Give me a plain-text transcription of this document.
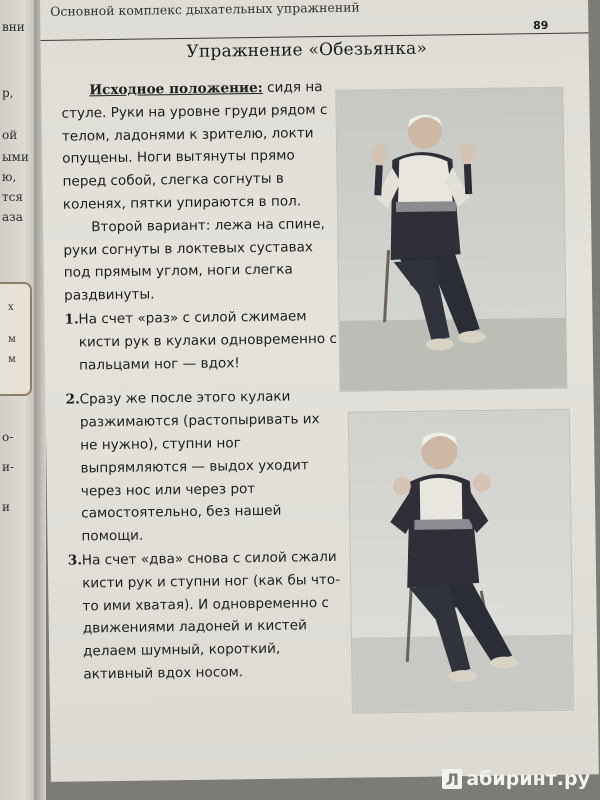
вни
р,
ой
ыми
ю,
тся
аза
х
м
м
о-
и-
и
Основной комплекс дыхательных упражнений
89
Упражнение «Обезьянка»

Исходное положение: сидя на стуле. Руки на уровне груди рядом с телом, ладонями к зрителю, локти опущены. Ноги вытянуты прямо перед собой, слегка согнуты в коленях, пятки упираются в пол.

Второй вариант: лежа на спине, руки согнуты в локтевых суставах под прямым углом, ноги слегка раздвинуты.

1. На счет «раз» с силой сжимаем кисти рук в кулаки одновременно с пальцами ног — вдох!
2. Сразу же после этого кулаки разжимаются (растопыривать их не нужно), ступни ног выпрямляются — выдох уходит через нос или через рот самостоятельно, без нашей помощи.
3. На счет «два» снова с силой сжали кисти рук и ступни ног (как бы что-то ими хватая). И одновременно с движениями ладоней и кистей делаем шумный, короткий, активный вдох носом.
Л абиринт.ру
